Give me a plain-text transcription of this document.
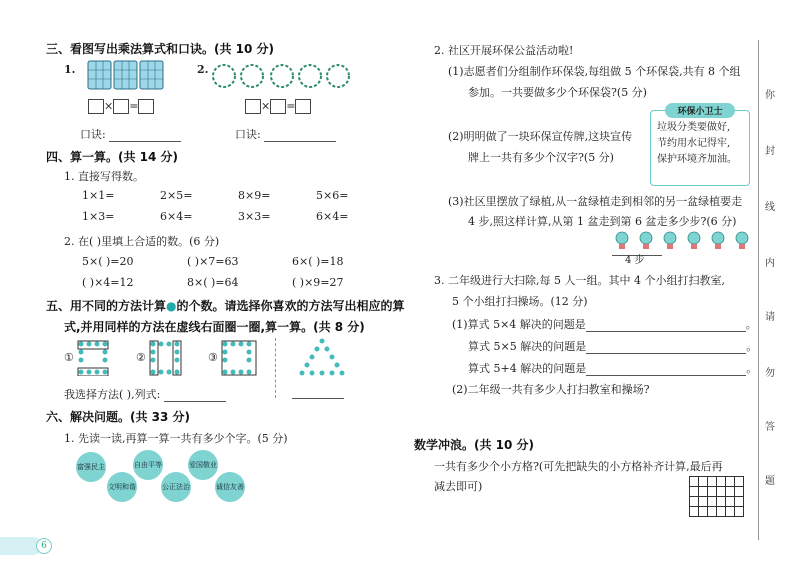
三、看图写出乘法算式和口诀。(共 10 分)
1.	2.
× =	× =
口诀:	口诀:
四、算一算。(共 14 分)
1. 直接写得数。
1×1=	2×5=	8×9=	5×6=
1×3=	6×4=	3×3=	6×4=
2. 在( )里填上合适的数。(6 分)
5×( )=20	( )×7=63	6×( )=18
( )×4=12	8×( )=64	( )×9=27
五、用不同的方法计算●的个数。请选择你喜欢的方法写出相应的算
式,并用同样的方法在虚线右面圈一圈,算一算。(共 8 分)
①	②	③
我选择方法( ),列式:
六、解决问题。(共 33 分)
1. 先读一读,再算一算一共有多少个字。(5 分)
富强民主
文明和谐
自由平等
公正法治
爱国敬业
诚信友善
6
2. 社区开展环保公益活动啦!
(1)志愿者们分组制作环保袋,每组做 5 个环保袋,共有 8 个组
参加。一共要做多少个环保袋?(5 分)
(2)明明做了一块环保宣传牌,这块宣传
牌上一共有多少个汉字?(5 分)
环保小卫士
垃圾分类要做好,
节约用水记得牢,
保护环境齐加油。
(3)社区里摆放了绿植,从一盆绿植走到相邻的另一盆绿植要走
4 步,照这样计算,从第 1 盆走到第 6 盆走多少步?(6 分)
4 步
3. 二年级进行大扫除,每 5 人一组。其中 4 个小组打扫教室,
5 个小组打扫操场。(12 分)
(1)算式 5×4 解决的问题是	。
算式 5×5 解决的问题是	。
算式 5+4 解决的问题是	。
(2)二年级一共有多少人打扫教室和操场?
数学冲浪。(共 10 分)
一共有多少个小方格?(可先把缺失的小方格补齐计算,最后再
减去即可)
你
封
线
内
请
勿
答
题
